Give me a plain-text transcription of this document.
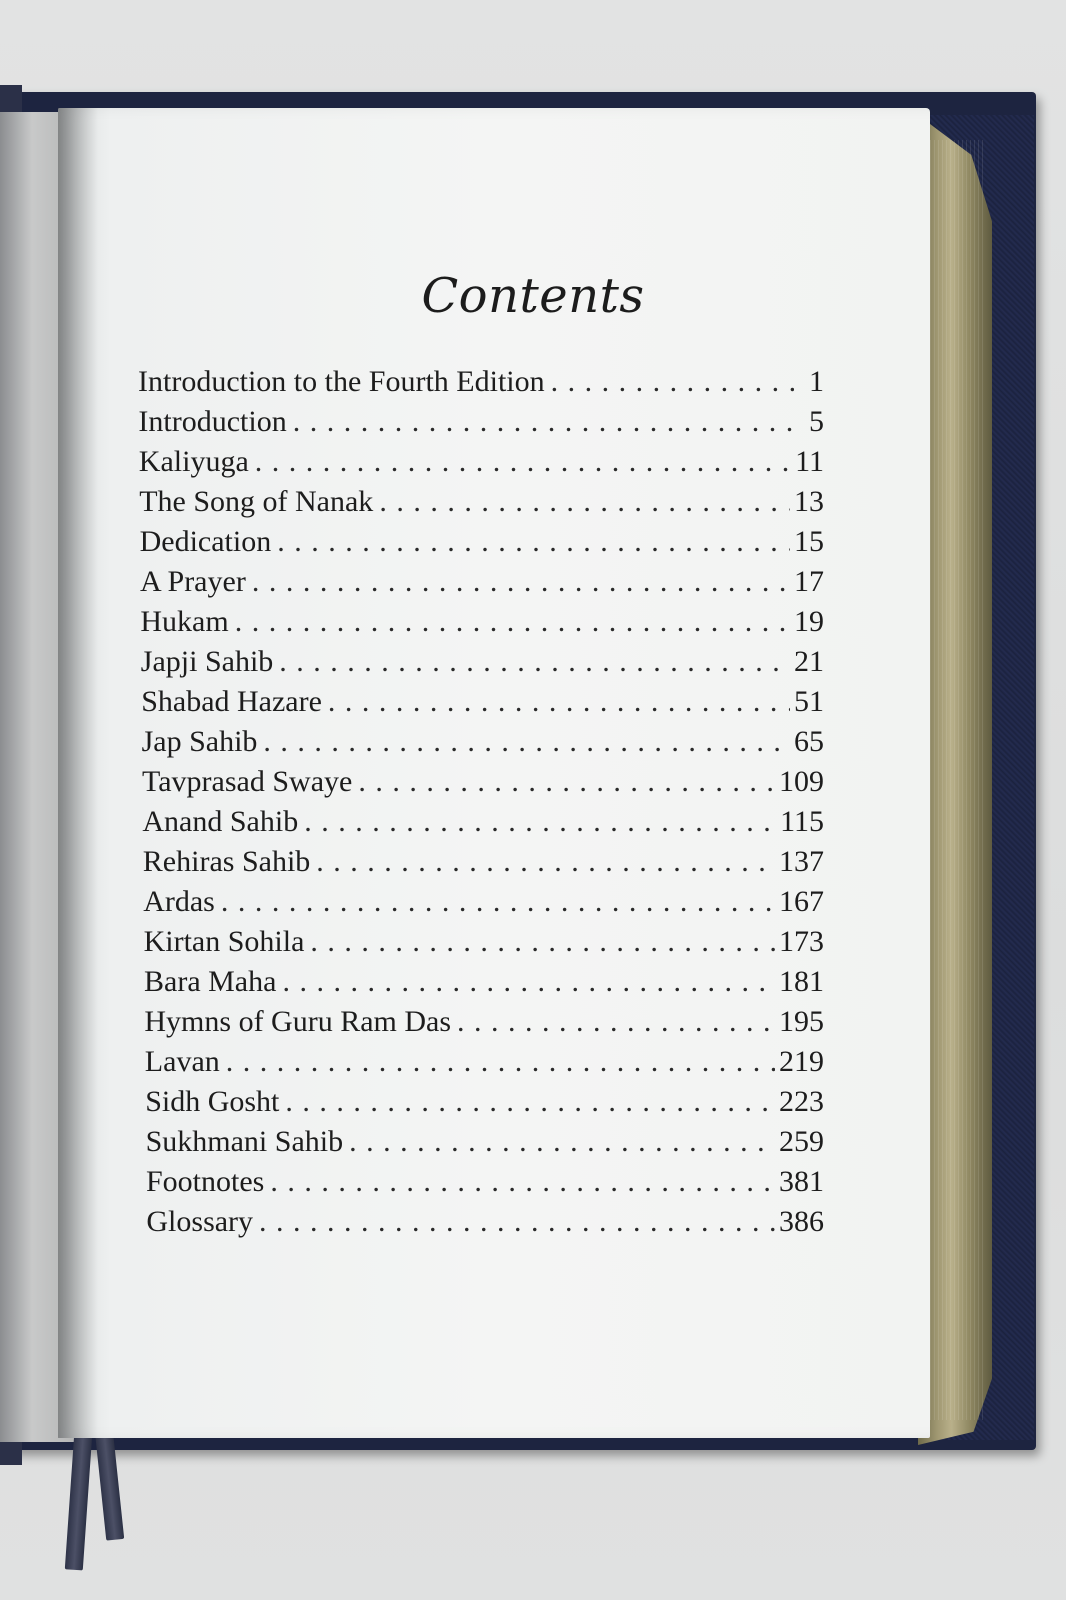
Contents
Introduction to the Fourth Edition . . .	1
Introduction . . .	5
Kaliyuga . . .	11
The Song of Nanak . . .	13
Dedication . . .	15
A Prayer . . .	17
Hukam . . .	19
Japji Sahib . . .	21
Shabad Hazare . . .	51
Jap Sahib . . .	65
Tavprasad Swaye . . .	109
Anand Sahib . . .	115
Rehiras Sahib . . .	137
Ardas . . .	167
Kirtan Sohila . . .	173
Bara Maha . . .	181
Hymns of Guru Ram Das . . .	195
Lavan . . .	219
Sidh Gosht . . .	223
Sukhmani Sahib . . .	259
Footnotes . . .	381
Glossary . . .	386
